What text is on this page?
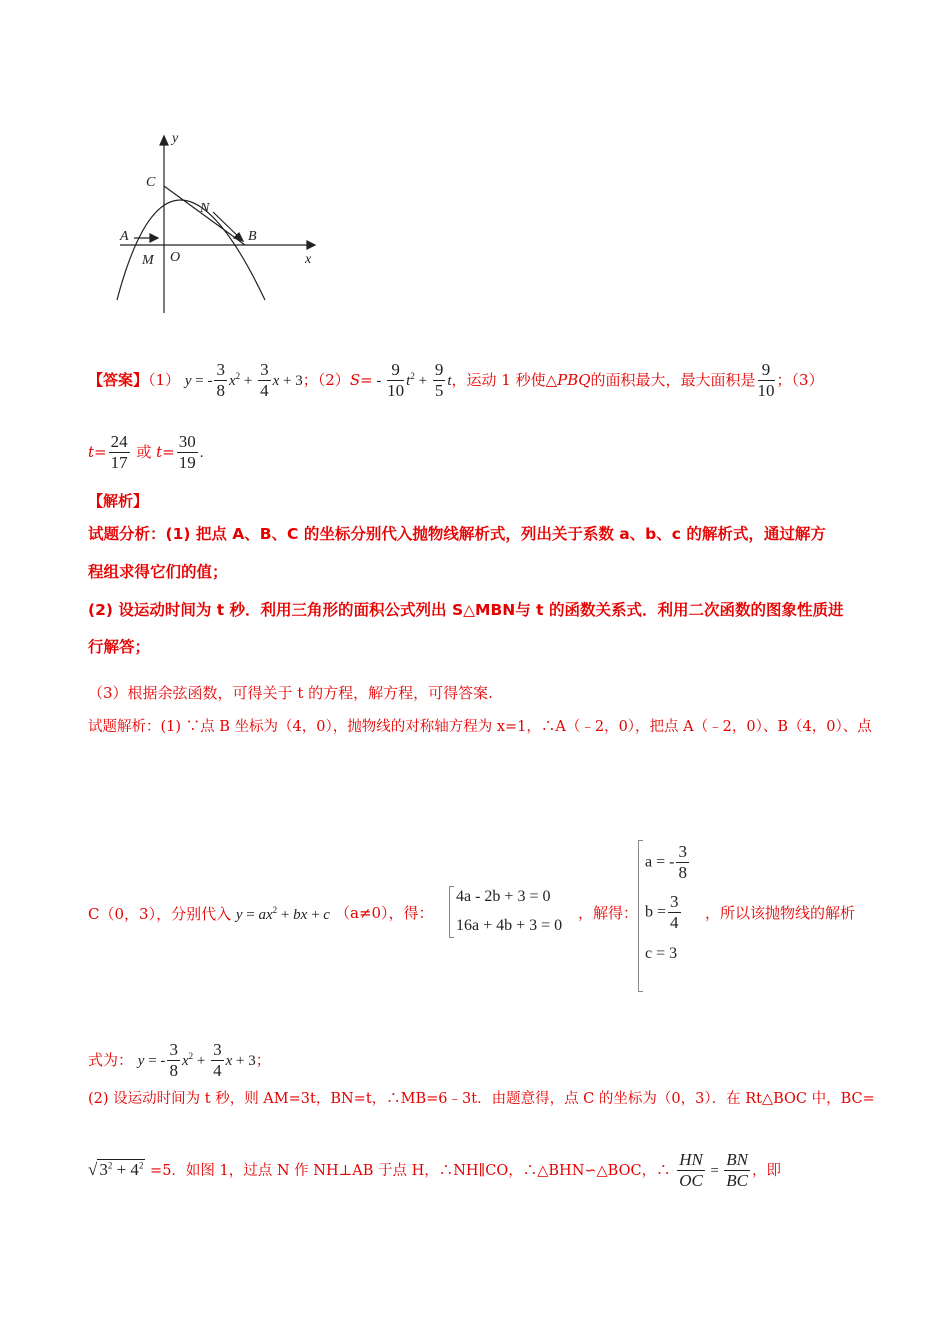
y
C
N
A	B
M O	x
【答案】（1） y = - $\frac{3}{8} x^2 + \frac{3}{4}$ x + 3；$(2)S= - \frac{9}{10} t^2 + \frac{9}{5}$ t，运动 1 秒使△PBQ的面积最大，最大面积是 $\frac{9}{10}$ ；（3）
$t= \frac{24}{17}$ 或 $t= \frac{30}{19}$ .
【解析】
试题分析：(1) 把点 A、B、C 的坐标分别代入抛物线解析式，列出关于系数 a、b、c 的解析式，通过解方
程组求得它们的值；
(2) 设运动时间为 t 秒．利用三角形的面积公式列出 S△MBN与 t 的函数关系式．利用二次函数的图象性质进
行解答；
（3）根据余弦函数，可得关于 t 的方程，解方程，可得答案.
试题解析：(1) ∵点 B 坐标为（4，0），抛物线的对称轴方程为 x=1，∴A（﹣2，0），把点 A（﹣2，0）、B（4，0）、点
C（0，3），分别代入 $y = ax^2$ + bx + c （a≠0），得：
4a - 2b + 3 = 0
16a + 4b + 3 = 0
，解得：
a = - $\frac{3}{8}$
$b = \frac{3}{4}$
c = 3
，所以该抛物线的解析
式为： y = - $\frac{3}{8} x^2 + \frac{3}{4}$ x + 3；
(2) 设运动时间为 t 秒，则 AM=3t，BN=t，∴MB=6﹣3t．由题意得，点 C 的坐标为（0，3）．在 Rt△BOC 中，BC=
√ $3^2 + 4^2 =5$．如图 1，过点 N 作 NH⊥AB 于点 H，∴NH∥CO，∴△BHN∽△BOC，∴ $\frac{HN}{OC} = \frac{BN}{BC}$ ，即
